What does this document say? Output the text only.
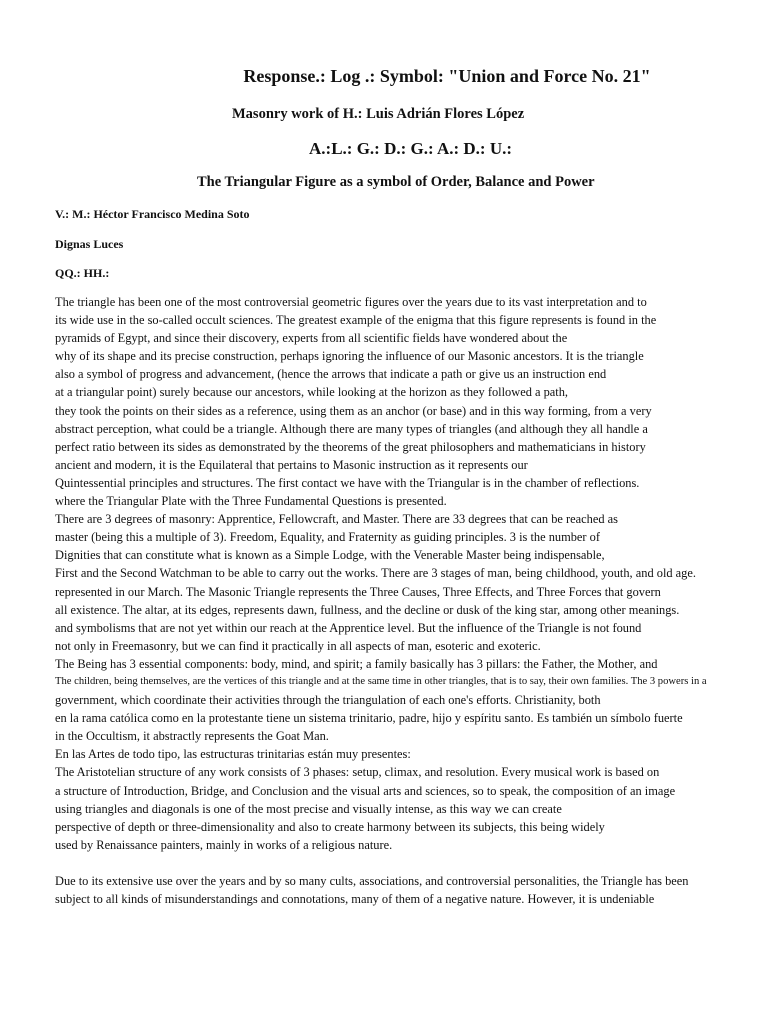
Response.: Log .: Symbol: "Union and Force No. 21"
Masonry work of H.: Luis Adrián Flores López
A.:L.: G.: D.: G.: A.: D.: U.:
The Triangular Figure as a symbol of Order, Balance and Power
V.: M.: Héctor Francisco Medina Soto
Dignas Luces
QQ.: HH.:
The triangle has been one of the most controversial geometric figures over the years due to its vast interpretation and to
its wide use in the so-called occult sciences. The greatest example of the enigma that this figure represents is found in the
pyramids of Egypt, and since their discovery, experts from all scientific fields have wondered about the
why of its shape and its precise construction, perhaps ignoring the influence of our Masonic ancestors. It is the triangle
also a symbol of progress and advancement, (hence the arrows that indicate a path or give us an instruction end
at a triangular point) surely because our ancestors, while looking at the horizon as they followed a path,
they took the points on their sides as a reference, using them as an anchor (or base) and in this way forming, from a very
abstract perception, what could be a triangle. Although there are many types of triangles (and although they all handle a
perfect ratio between its sides as demonstrated by the theorems of the great philosophers and mathematicians in history
ancient and modern, it is the Equilateral that pertains to Masonic instruction as it represents our
Quintessential principles and structures. The first contact we have with the Triangular is in the chamber of reflections.
where the Triangular Plate with the Three Fundamental Questions is presented.
There are 3 degrees of masonry: Apprentice, Fellowcraft, and Master. There are 33 degrees that can be reached as
master (being this a multiple of 3). Freedom, Equality, and Fraternity as guiding principles. 3 is the number of
Dignities that can constitute what is known as a Simple Lodge, with the Venerable Master being indispensable,
First and the Second Watchman to be able to carry out the works. There are 3 stages of man, being childhood, youth, and old age.
represented in our March. The Masonic Triangle represents the Three Causes, Three Effects, and Three Forces that govern
all existence. The altar, at its edges, represents dawn, fullness, and the decline or dusk of the king star, among other meanings.
and symbolisms that are not yet within our reach at the Apprentice level. But the influence of the Triangle is not found
not only in Freemasonry, but we can find it practically in all aspects of man, esoteric and exoteric.
The Being has 3 essential components: body, mind, and spirit; a family basically has 3 pillars: the Father, the Mother, and
The children, being themselves, are the vertices of this triangle and at the same time in other triangles, that is to say, their own families. The 3 powers in a
government, which coordinate their activities through the triangulation of each one's efforts. Christianity, both
en la rama católica como en la protestante tiene un sistema trinitario, padre, hijo y espíritu santo. Es también un símbolo fuerte
in the Occultism, it abstractly represents the Goat Man.
En las Artes de todo tipo, las estructuras trinitarias están muy presentes:
The Aristotelian structure of any work consists of 3 phases: setup, climax, and resolution. Every musical work is based on
a structure of Introduction, Bridge, and Conclusion and the visual arts and sciences, so to speak, the composition of an image
using triangles and diagonals is one of the most precise and visually intense, as this way we can create
perspective of depth or three-dimensionality and also to create harmony between its subjects, this being widely
used by Renaissance painters, mainly in works of a religious nature.
Due to its extensive use over the years and by so many cults, associations, and controversial personalities, the Triangle has been
subject to all kinds of misunderstandings and connotations, many of them of a negative nature. However, it is undeniable
